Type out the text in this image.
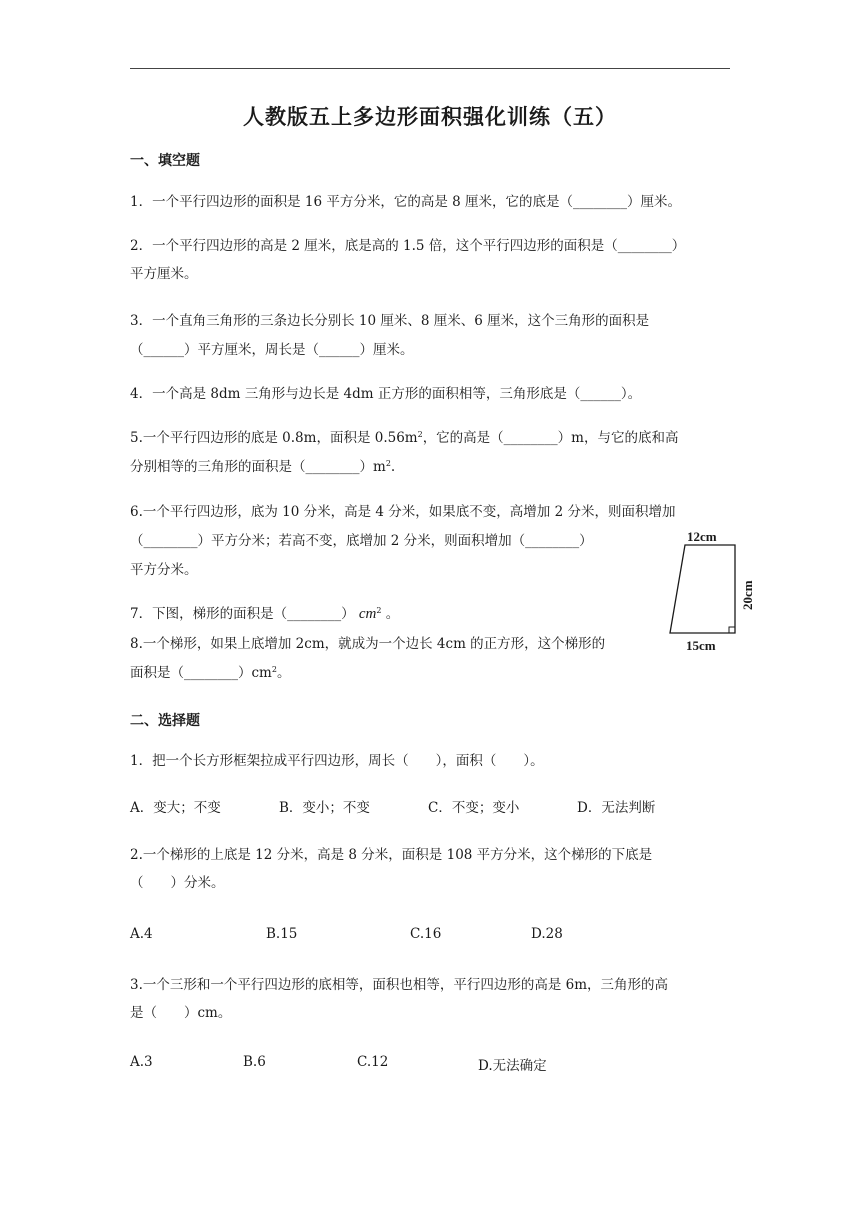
人教版五上多边形面积强化训练（五）
一、填空题
1．一个平行四边形的面积是 16 平方分米，它的高是 8 厘米，它的底是（________）厘米。
2．一个平行四边形的高是 2 厘米，底是高的 1.5 倍，这个平行四边形的面积是（________）
平方厘米。
3．一个直角三角形的三条边长分别长 10 厘米、8 厘米、6 厘米，这个三角形的面积是
（______）平方厘米，周长是（______）厘米。
4．一个高是 8dm 三角形与边长是 4dm 正方形的面积相等，三角形底是（______）。
5.一个平行四边形的底是 0.8m，面积是 $0.56m^2$，它的高是（________）m，与它的底和高
分别相等的三角形的面积是$(\_\_\_\_\_\_\_\_)m^2$.
6.一个平行四边形，底为 10 分米，高是 4 分米，如果底不变，高增加 2 分米，则面积增加
（________）平方分米；若高不变，底增加 2 分米，则面积增加（________）
平方分米。
7．下图，梯形的面积是（________） $cm^2$ 。
8.一个梯形，如果上底增加 2cm，就成为一个边长 4cm 的正方形，这个梯形的
面积是$(\_\_\_\_\_\_\_\_)cm^2$。
12cm
15cm
20cm
二、选择题
1．把一个长方形框架拉成平行四边形，周长（　　），面积（　　）。
A．变大；不变	B．变小；不变	C．不变；变小	D．无法判断
2.一个梯形的上底是 12 分米，高是 8 分米，面积是 108 平方分米，这个梯形的下底是
（　　）分米。
A.4	B.15	C.16	D.28
3.一个三形和一个平行四边形的底相等，面积也相等，平行四边形的高是 6m，三角形的高
是（　　）cm。
A.3	B.6	C.12	D.无法确定
